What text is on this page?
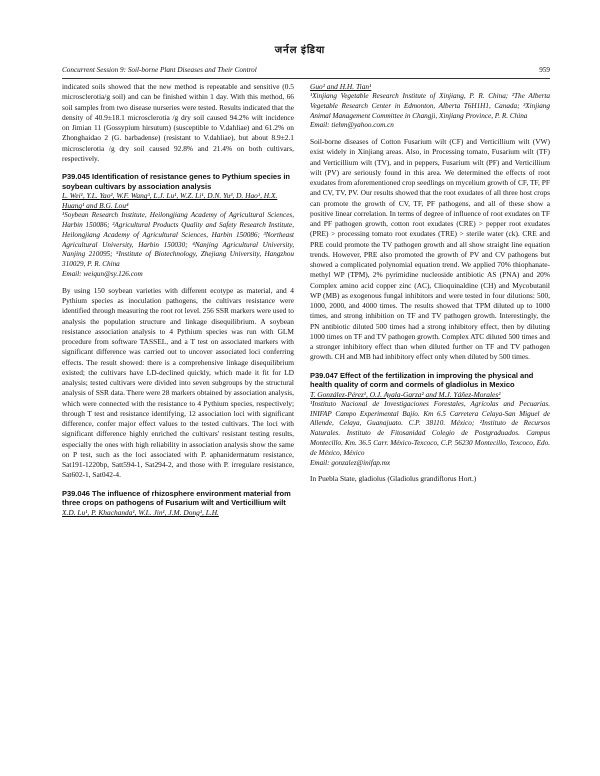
जर्नल इंडिया
Concurrent Session 9: Soil-borne Plant Diseases and Their Control	959

indicated soils showed that the new method is repeatable and sensitive (0.5 microsclerotia/g soil) and can be finished within 1 day. With this method, 66 soil samples from two disease nurseries were tested. Results indicated that the density of 40.9±18.1 microsclerotia /g dry soil caused 94.2% wilt incidence on Jimian 11 (Gossypium hirsutum) (susceptible to V.dahliae) and 61.2% on Zhonghaidao 2 (G. barbadense) (resistant to V.dahliae), but about 8.9±2.1 microsclerotia /g dry soil caused 92.8% and 21.4% on both cultivars, respectively.

P39.045 Identification of resistance genes to Pythium species in soybean cultivars by association analysis

L. Wei¹, Y.L. Yao², W.F. Wang³, L.J. Lu¹, W.Z. Li¹, D.N. Yu³, D. Hao¹, H.X. Huang¹ and B.G. Lou⁴

¹Soybean Research Institute, Heilongjiang Academy of Agricultural Sciences, Harbin 150086; ²Agricultural Products Quality and Safety Research Institute, Heilongjiang Academy of Agricultural Sciences, Harbin 150086; ³Northeast Agricultural University, Harbin 150030; ⁴Nanjing Agricultural University, Nanjing 210095; ⁵Institute of Biotechnology, Zhejiang University, Hangzhou 310029, P. R. China

Email: weiqun@sy.126.com

By using 150 soybean varieties with different ecotype as material, and 4 Pythium species as inoculation pathogens, the cultivars resistance were identified through measuring the root rot level. 256 SSR markers were used to analysis the population structure and linkage disequilibrium. A soybean resistance association analysis to 4 Pythium species was run with GLM procedure from software TASSEL, and a T test on associated markers with significant difference was carried out to uncover associated loci conferring effects. The result showed: there is a comprehensive linkage disequilibrium existed; the cultivars have LD-declined quickly, which made it fit for LD analysis; tested cultivars were divided into seven subgroups by the structural analysis of SSR data. There were 28 markers obtained by association analysis, which were connected with the resistance to 4 Pythium species, respectively; through T test and resistance identifying, 12 association loci with significant difference, confer major effect values to the tested cultivars. The loci with significant difference highly enriched the cultivars' resistant testing results, especially the ones with high reliability in association analysis show the same on P test, such as the loci associated with P. aphanidermatum resistance, Sat191-1220bp, Satt594-1, Sat294-2, and those with P. irregulare resistance, Sat602-1, Sat042-4.

P39.046 The influence of rhizosphere environment material from three crops on pathogens of Fusarium wilt and Verticillium wilt

X.D. Lu¹, P. Khachanda¹, W.L. Jin¹, J.M. Dong¹, L.H.

Guo¹ and H.H. Tian¹

¹Xinjiang Vegetable Research Institute of Xinjiang, P. R. China; ²The Alberta Vegetable Research Center in Edmonton, Alberta T6H1H1, Canada; ³Xinjiang Animal Management Committee in Changji, Xinjiang Province, P. R. China

Email: tiehm@yahoo.com.cn

Soil-borne diseases of Cotton Fusarium wilt (CF) and Verticillium wilt (VW) exist widely in Xinjiang areas. Also, in Processing tomato, Fusarium wilt (TF) and Verticillium wilt (TV), and in peppers, Fusarium wilt (PF) and Verticillium wilt (PV) are seriously found in this area. We determined the effects of root exudates from aforementioned crop seedlings on mycelium growth of CF, TF, PF and CV, TV, PV. Our results showed that the root exudates of all three host crops can promote the growth of CV, TF, PF pathogens, and all of these show a positive linear correlation. In terms of degree of influence of root exudates on TF and PF pathogen growth, cotton root exudates (CRE) > pepper root exudates (PRE) > processing tomato root exudates (TRE) > sterile water (ck). CRE and PRE could promote the TV pathogen growth and all show straight line equation trends. However, PRE also promoted the growth of PV and CV pathogens but showed a complicated polynomial equation trend. We applied 70% thiophanate-methyl WP (TPM), 2% pyrimidine nucleoside antibiotic AS (PNA) and 20% Complex amino acid copper zinc (AC), Clioquinaldine (CH) and Mycobutanil WP (MB) as exogenous fungal inhibitors and were tested in four dilutions: 500, 1000, 2000, and 4000 times. The results showed that TPM diluted up to 1000 times, and strong inhibition on TF and TV pathogen growth. Interestingly, the PN antibiotic diluted 500 times had a strong inhibitory effect, then by diluting 1000 times on TF and TV pathogen growth. Complex ATC diluted 500 times and a stronger inhibitory effect than when diluted further on TF and TV pathogen growth. CH and MB had inhibitory effect only when diluted by 500 times.

P39.047 Effect of the fertilization in improving the physical and health quality of corm and cormels of gladiolus in Mexico

T. González-Pérez¹, O.J. Ayala-Garza² and M.J. Yáñez-Morales²

¹Instituto Nacional de Investigaciones Forestales, Agrícolas and Pecuarias. INIFAP Campo Experimental Bajío. Km 6.5 Carretera Celaya-San Miguel de Allende, Celaya, Guanajuato. C.P. 38110. México; ²Instituto de Recursos Naturales. Instituto de Fitosanidad Colegio de Postgraduados. Campus Montecillo. Km. 36.5 Carr. México-Texcoco, C.P. 56230 Montecillo, Texcoco, Edo. de México, México

Email: gonzalez@inifap.mx

In Puebla State, gladiolus (Gladiolus grandiflorus Hort.)
